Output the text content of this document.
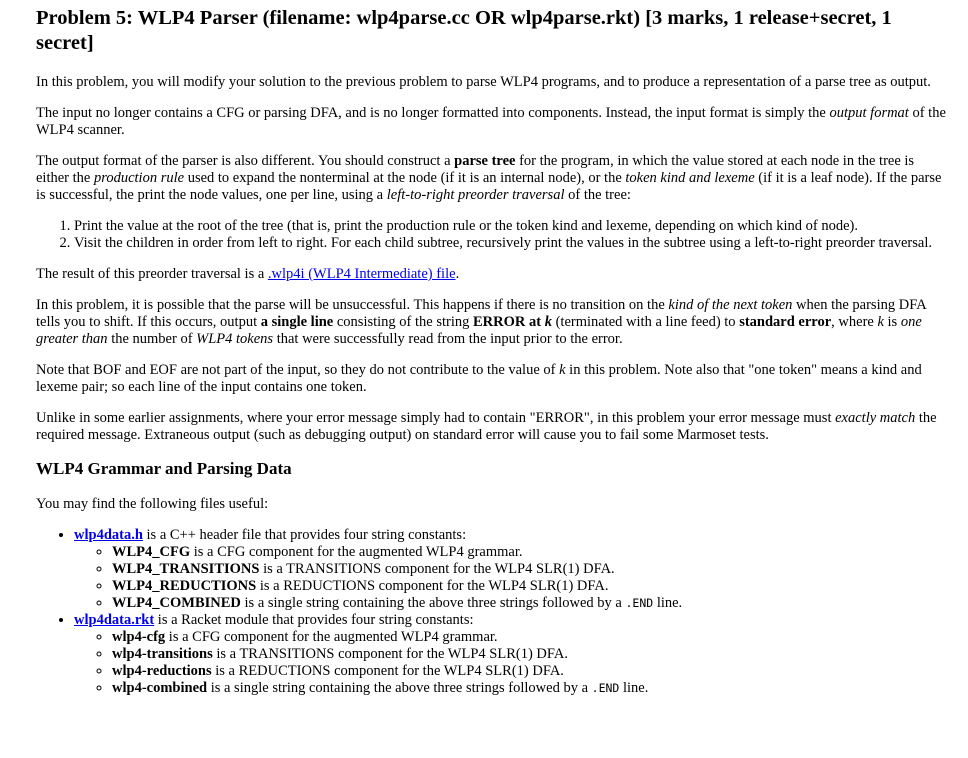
Problem 5: WLP4 Parser (filename: wlp4parse.cc OR wlp4parse.rkt) [3 marks, 1 release+secret, 1 secret]

In this problem, you will modify your solution to the previous problem to parse WLP4 programs, and to produce a representation of a parse tree as output.

The input no longer contains a CFG or parsing DFA, and is no longer formatted into components. Instead, the input format is simply the output format of the WLP4 scanner.

The output format of the parser is also different. You should construct a parse tree for the program, in which the value stored at each node in the tree is either the production rule used to expand the nonterminal at the node (if it is an internal node), or the token kind and lexeme (if it is a leaf node). If the parse is successful, the print the node values, one per line, using a left-to-right preorder traversal of the tree:

1. Print the value at the root of the tree (that is, print the production rule or the token kind and lexeme, depending on which kind of node).
2. Visit the children in order from left to right. For each child subtree, recursively print the values in the subtree using a left-to-right preorder traversal.

The result of this preorder traversal is a .wlp4i (WLP4 Intermediate) file.

In this problem, it is possible that the parse will be unsuccessful. This happens if there is no transition on the kind of the next token when the parsing DFA tells you to shift. If this occurs, output a single line consisting of the string ERROR at k (terminated with a line feed) to standard error, where k is one greater than the number of WLP4 tokens that were successfully read from the input prior to the error.

Note that BOF and EOF are not part of the input, so they do not contribute to the value of k in this problem. Note also that "one token" means a kind and lexeme pair; so each line of the input contains one token.

Unlike in some earlier assignments, where your error message simply had to contain "ERROR", in this problem your error message must exactly match the required message. Extraneous output (such as debugging output) on standard error will cause you to fail some Marmoset tests.

WLP4 Grammar and Parsing Data

You may find the following files useful:

• wlp4data.h is a C++ header file that provides four string constants:
◦ WLP4_CFG is a CFG component for the augmented WLP4 grammar.
◦ WLP4_TRANSITIONS is a TRANSITIONS component for the WLP4 SLR(1) DFA.
◦ WLP4_REDUCTIONS is a REDUCTIONS component for the WLP4 SLR(1) DFA.
◦ WLP4_COMBINED is a single string containing the above three strings followed by a .END line.
• wlp4data.rkt is a Racket module that provides four string constants:
◦ wlp4-cfg is a CFG component for the augmented WLP4 grammar.
◦ wlp4-transitions is a TRANSITIONS component for the WLP4 SLR(1) DFA.
◦ wlp4-reductions is a REDUCTIONS component for the WLP4 SLR(1) DFA.
◦ wlp4-combined is a single string containing the above three strings followed by a .END line.
